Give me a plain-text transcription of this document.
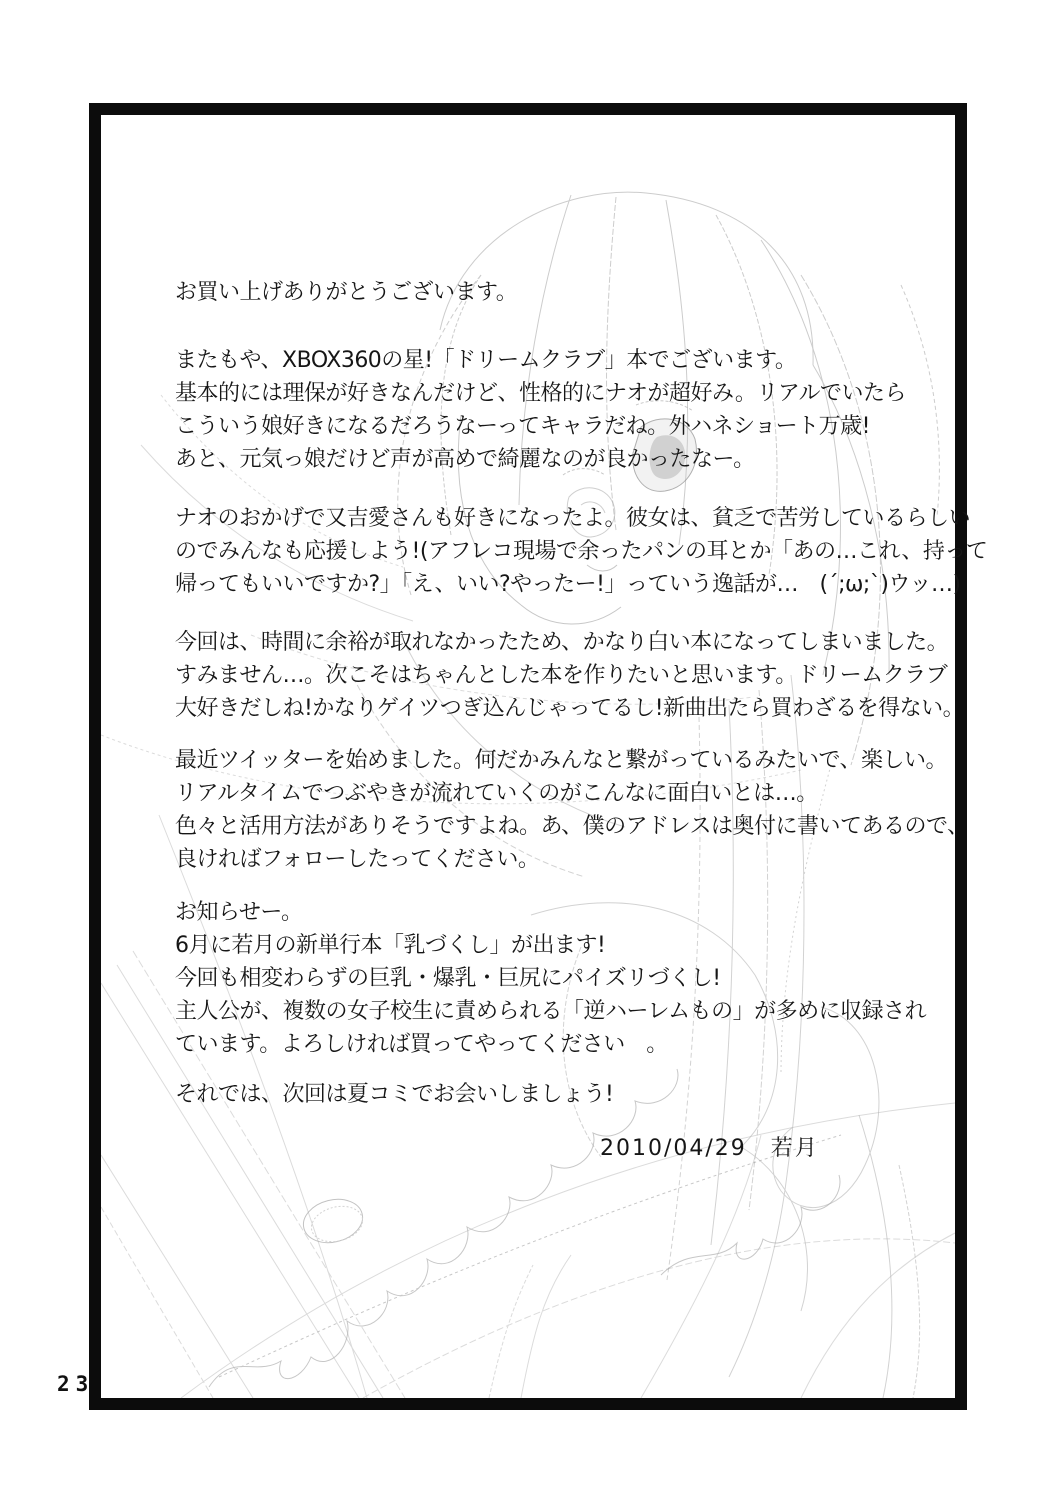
23
お買い上げありがとうございます。
またもや、XBOX360の星!「ドリームクラブ」本でございます。
基本的には理保が好きなんだけど、性格的にナオが超好み。リアルでいたら
こういう娘好きになるだろうなーってキャラだね。外ハネショート万歳!
あと、元気っ娘だけど声が高めで綺麗なのが良かったなー。
ナオのおかげで又吉愛さんも好きになったよ。彼女は、貧乏で苦労しているらしい
のでみんなも応援しよう!(アフレコ現場で余ったパンの耳とか「あの…これ、持って
帰ってもいいですか?」「え、いい?やったー!」っていう逸話が…　(´;ω;`)ウッ…)
今回は、時間に余裕が取れなかったため、かなり白い本になってしまいました。
すみません…。次こそはちゃんとした本を作りたいと思います。ドリームクラブ
大好きだしね!かなりゲイツつぎ込んじゃってるし!新曲出たら買わざるを得ない。
最近ツイッターを始めました。何だかみんなと繋がっているみたいで、楽しい。
リアルタイムでつぶやきが流れていくのがこんなに面白いとは…。
色々と活用方法がありそうですよね。あ、僕のアドレスは奥付に書いてあるので、
良ければフォローしたってください。
お知らせー。
6月に若月の新単行本「乳づくし」が出ます!
今回も相変わらずの巨乳・爆乳・巨尻にパイズリづくし!
主人公が、複数の女子校生に責められる「逆ハーレムもの」が多めに収録され
ています。よろしければ買ってやってください　。
それでは、次回は夏コミでお会いしましょう!
2010/04/29　若月
